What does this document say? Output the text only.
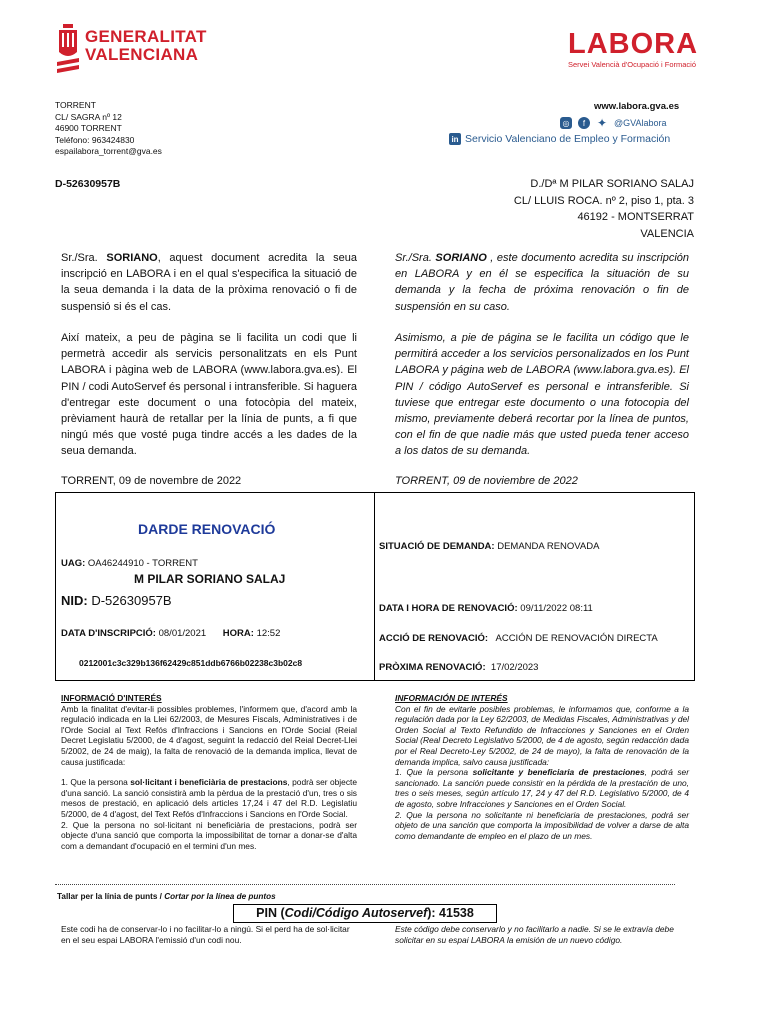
GENERALITAT
VALENCIANA	LABORA
Servei Valencià d'Ocupació i Formació
TORRENT
CL/ SAGRA nº 12
46900 TORRENT
Teléfono: 963424830
espailabora_torrent@gva.es
www.labora.gva.es
◎	f ✦ @GVAlabora
in Servicio Valenciano de Empleo y Formación
D-52630957B	D./Dª M PILAR SORIANO SALAJ
CL/ LLUIS ROCA. nº 2, piso 1, pta. 3
46192 - MONTSERRAT
VALENCIA
Sr./Sra. SORIANO, aquest document acredita la seua inscripció en LABORA i en el qual s'especifica la situació de la seua demanda i la data de la pròxima renovació o fi de suspensió si és el cas.
Així mateix, a peu de pàgina se li facilita un codi que li permetrà accedir als servicis personalitzats en els Punt LABORA i pàgina web de LABORA (www.labora.gva.es). El PIN / codi AutoServef és personal i intransferible. Si haguera d'entregar este document o una fotocòpia del mateix, prèviament haurà de retallar per la línia de punts, a fi que ningú més que vosté puga tindre accés a les dades de la seua demanda.
TORRENT, 09 de novembre de 2022
Sr./Sra. SORIANO , este documento acredita su inscripción en LABORA y en él se especifica la situación de su demanda y la fecha de próxima renovación o fin de suspensión en su caso.
Asimismo, a pie de página se le facilita un código que le permitirá acceder a los servicios personalizados en los Punt LABORA y página web de LABORA (www.labora.gva.es). El PIN / código AutoServef es personal e intransferible. Si tuviese que entregar este documento o una fotocopia del mismo, previamente deberá recortar por la línea de puntos, con el fin de que nadie más que usted pueda tener acceso a los datos de su demanda.
TORRENT, 09 de noviembre de 2022
DARDE RENOVACIÓ
UAG: OA46244910 - TORRENT
M PILAR SORIANO SALAJ
NID: D-52630957B
DATA D'INSCRIPCIÓ: 08/01/2021 HORA: 12:52
0212001c3c329b136f62429c851ddb6766b02238c3b02c8
SITUACIÓ DE DEMANDA: DEMANDA RENOVADA
DATA I HORA DE RENOVACIÓ: 09/11/2022 08:11
ACCIÓ DE RENOVACIÓ: ACCIÓN DE RENOVACIÓN DIRECTA
PRÒXIMA RENOVACIÓ: 17/02/2023
INFORMACIÓ D'INTERÉS
Amb la finalitat d'evitar-li possibles problemes, l'informem que, d'acord amb la regulació indicada en la Llei 62/2003, de Mesures Fiscals, Administratives i de l'Orde Social al Text Refós d'Infraccions i Sancions en l'Orde Social (Reial Decret Legislatiu 5/2000, de 4 d'agost, seguint la redacció del Reial Decret-Llei 5/2002, de 24 de maig), la falta de renovació de la demanda implica, llevat de causa justificada:
1. Que la persona sol·licitant i beneficiària de prestacions, podrà ser objecte d'una sanció. La sanció consistirà amb la pèrdua de la prestació d'un, tres o sis mesos de prestació, en aplicació dels articles 17,24 i 47 del R.D. Legislatiu 5/2000, de 4 d'agost, del Text Refós d'Infraccions i Sancions en l'Orde Social.
2. Que la persona no sol·licitant ni beneficiària de prestacions, podrà ser objecte d'una sanció que comporta la impossibilitat de tornar a donar-se d'alta com a demandant d'ocupació en el termini d'un mes.
INFORMACIÓN DE INTERÉS
Con el fin de evitarle posibles problemas, le informamos que, conforme a la regulación dada por la Ley 62/2003, de Medidas Fiscales, Administrativas y del Orden Social al Texto Refundido de Infracciones y Sanciones en el Orden Social (Real Decreto Legislativo 5/2000, de 4 de agosto, según redacción dada por el Real Decreto-Ley 5/2002, de 24 de mayo), la falta de renovación de la demanda implica, salvo causa justificada:
1. Que la persona solicitante y beneficiaria de prestaciones, podrá ser sancionado. La sanción puede consistir en la pérdida de la prestación de uno, tres o seis meses, según artículo 17, 24 y 47 del R.D. Legislativo 5/2000, de 4 de agosto, sobre Infracciones y Sanciones en el Orden Social.
2. Que la persona no solicitante ni beneficiaria de prestaciones, podrá ser objeto de una sanción que comporta la imposibilidad de volver a darse de alta como demandante de empleo en el plazo de un mes.
Tallar per la línia de punts / Cortar por la línea de puntos
PIN (Codi/Código Autoservef): 41538
Este codi ha de conservar-lo i no facilitar-lo a ningú. Si el perd ha de sol·licitar en el seu espai LABORA l'emissió d'un codi nou.
Este código debe conservarlo y no facilitarlo a nadie. Si se le extravía debe solicitar en su espai LABORA la emisión de un nuevo código.
